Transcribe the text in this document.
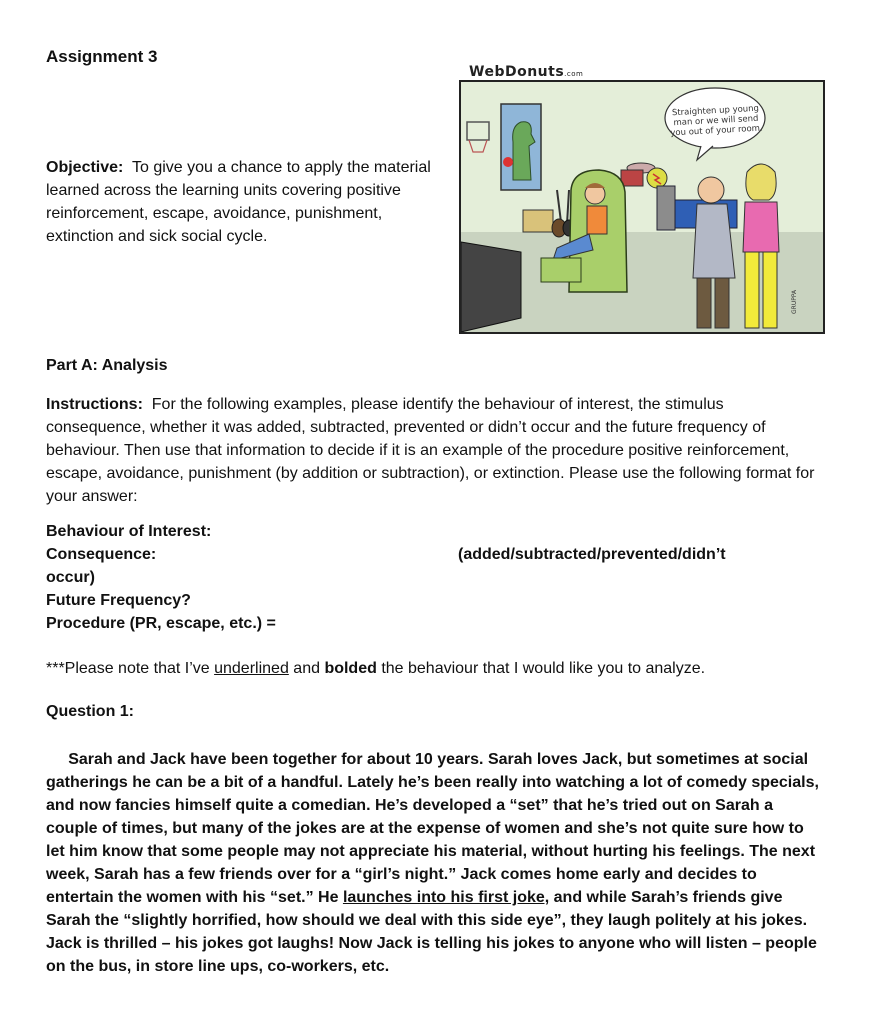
Assignment 3
Objective: To give you a chance to apply the material learned across the learning units covering positive reinforcement, escape, avoidance, punishment, extinction and sick social cycle.
WebDonuts.com
Straighten up young man or we will send you out of your room.
GRUPPA
Part A: Analysis
Instructions: For the following examples, please identify the behaviour of interest, the stimulus consequence, whether it was added, subtracted, prevented or didn’t occur and the future frequency of behaviour. Then use that information to decide if it is an example of the procedure positive reinforcement, escape, avoidance, punishment (by addition or subtraction), or extinction. Please use the following format for your answer:
Behaviour of Interest:
Consequence:	(added/subtracted/prevented/didn’t
occur)
Future Frequency?
Procedure (PR, escape, etc.) =
***Please note that I’ve underlined and bolded the behaviour that I would like you to analyze.
Question 1:
Sarah and Jack have been together for about 10 years. Sarah loves Jack, but sometimes at social gatherings he can be a bit of a handful. Lately he’s been really into watching a lot of comedy specials, and now fancies himself quite a comedian. He’s developed a “set” that he’s tried out on Sarah a couple of times, but many of the jokes are at the expense of women and she’s not quite sure how to let him know that some people may not appreciate his material, without hurting his feelings. The next week, Sarah has a few friends over for a “girl’s night.” Jack comes home early and decides to entertain the women with his “set.” He launches into his first joke, and while Sarah’s friends give Sarah the “slightly horrified, how should we deal with this side eye”, they laugh politely at his jokes. Jack is thrilled – his jokes got laughs! Now Jack is telling his jokes to anyone who will listen – people on the bus, in store line ups, co-workers, etc.
